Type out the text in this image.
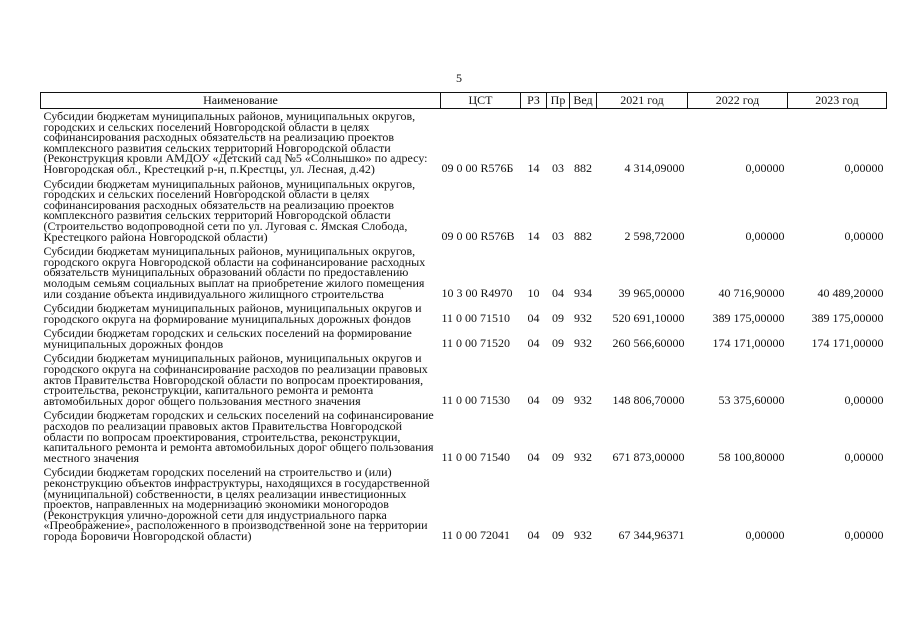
5
Наименование	ЦСТ	РЗ	Пр	Вед	2021 год	2022 год	2023 год
Субсидии бюджетам муниципальных районов, муниципальных округов, городских и сельских поселений Новгородской области в целях софинансирования расходных обязательств на реализацию проектов комплексного развития сельских территорий Новгородской области (Реконструкция кровли АМДОУ «Детский сад №5 «Солнышко» по адресу: Новгородская обл., Крестецкий р-н, п.Крестцы, ул. Лесная, д.42)	09 0 00 R576Б	14	03	882	4 314,09000	0,00000	0,00000
Субсидии бюджетам муниципальных районов, муниципальных округов, городских и сельских поселений Новгородской области в целях софинансирования расходных обязательств на реализацию проектов комплексного развития сельских территорий Новгородской области (Строительство водопроводной сети по ул. Луговая с. Ямская Слобода, Крестецкого района Новгородской области)	09 0 00 R576В	14	03	882	2 598,72000	0,00000	0,00000
Субсидии бюджетам муниципальных районов, муниципальных округов, городского округа Новгородской области на софинансирование расходных обязательств муниципальных образований области по предоставлению молодым семьям социальных выплат на приобретение жилого помещения или создание объекта индивидуального жилищного строительства	10 3 00 R4970	10	04	934	39 965,00000	40 716,90000	40 489,20000
Субсидии бюджетам муниципальных районов, муниципальных округов и городского округа на формирование муниципальных дорожных фондов	11 0 00 71510	04	09	932	520 691,10000	389 175,00000	389 175,00000
Субсидии бюджетам городских и сельских поселений на формирование муниципальных дорожных фондов	11 0 00 71520	04	09	932	260 566,60000	174 171,00000	174 171,00000
Субсидии бюджетам муниципальных районов, муниципальных округов и городского округа на софинансирование расходов по реализации правовых актов Правительства Новгородской области по вопросам проектирования, строительства, реконструкции, капитального ремонта и ремонта автомобильных дорог общего пользования местного значения	11 0 00 71530	04	09	932	148 806,70000	53 375,60000	0,00000
Субсидии бюджетам городских и сельских поселений на софинансирование расходов по реализации правовых актов Правительства Новгородской области по вопросам проектирования, строительства, реконструкции, капитального ремонта и ремонта автомобильных дорог общего пользования местного значения	11 0 00 71540	04	09	932	671 873,00000	58 100,80000	0,00000
Субсидии бюджетам городских поселений на строительство и (или) реконструкцию объектов инфраструктуры, находящихся в государственной (муниципальной) собственности, в целях реализации инвестиционных проектов, направленных на модернизацию экономики моногородов (Реконструкция улично-дорожной сети для индустриального парка «Преображение», расположенного в производственной зоне на территории города Боровичи Новгородской области)	11 0 00 72041	04	09	932	67 344,96371	0,00000	0,00000
